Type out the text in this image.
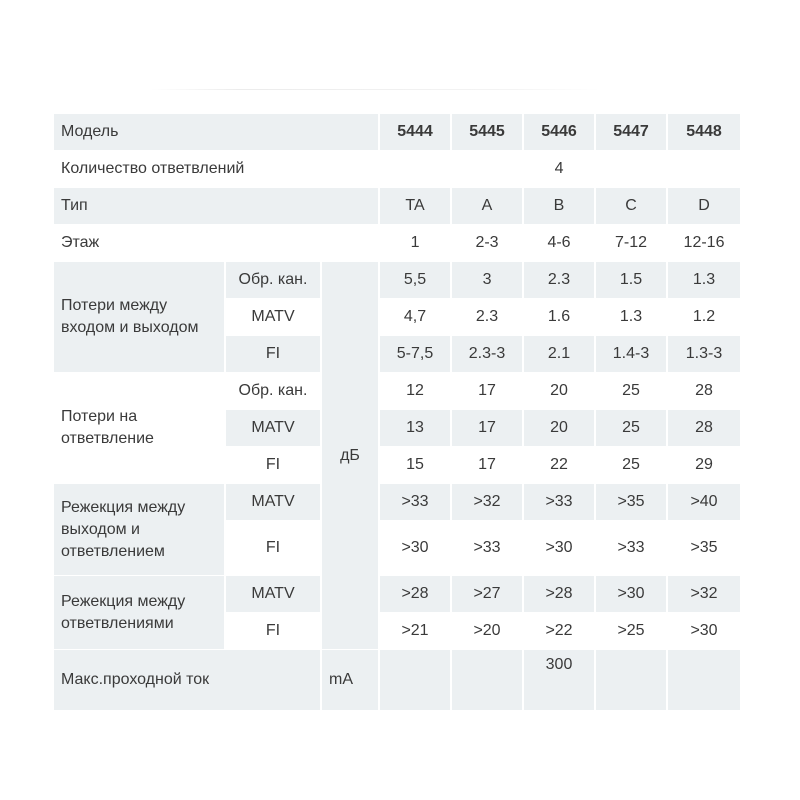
Модель			5444	5445	5446	5447	5448
Количество ответвлений					4		
Тип			TA	A	B	C	D
Этаж			1	2-3	4-6	7-12	12-16
Потери между входом и выходом	Обр. кан.	дБ	5,5	3	2.3	1.5	1.3
	MATV		4,7	2.3	1.6	1.3	1.2
	FI		5-7,5	2.3-3	2.1	1.4-3	1.3-3
Потери на ответвление	Обр. кан.		12	17	20	25	28
	MATV		13	17	20	25	28
	FI		15	17	22	25	29
Режекция между выходом и ответвлением	MATV		>33	>32	>33	>35	>40
	FI		>30	>33	>30	>33	>35
Режекция между ответвлениями	MATV		>28	>27	>28	>30	>32
	FI		>21	>20	>22	>25	>30
Макс.проходной ток		mA			300		
